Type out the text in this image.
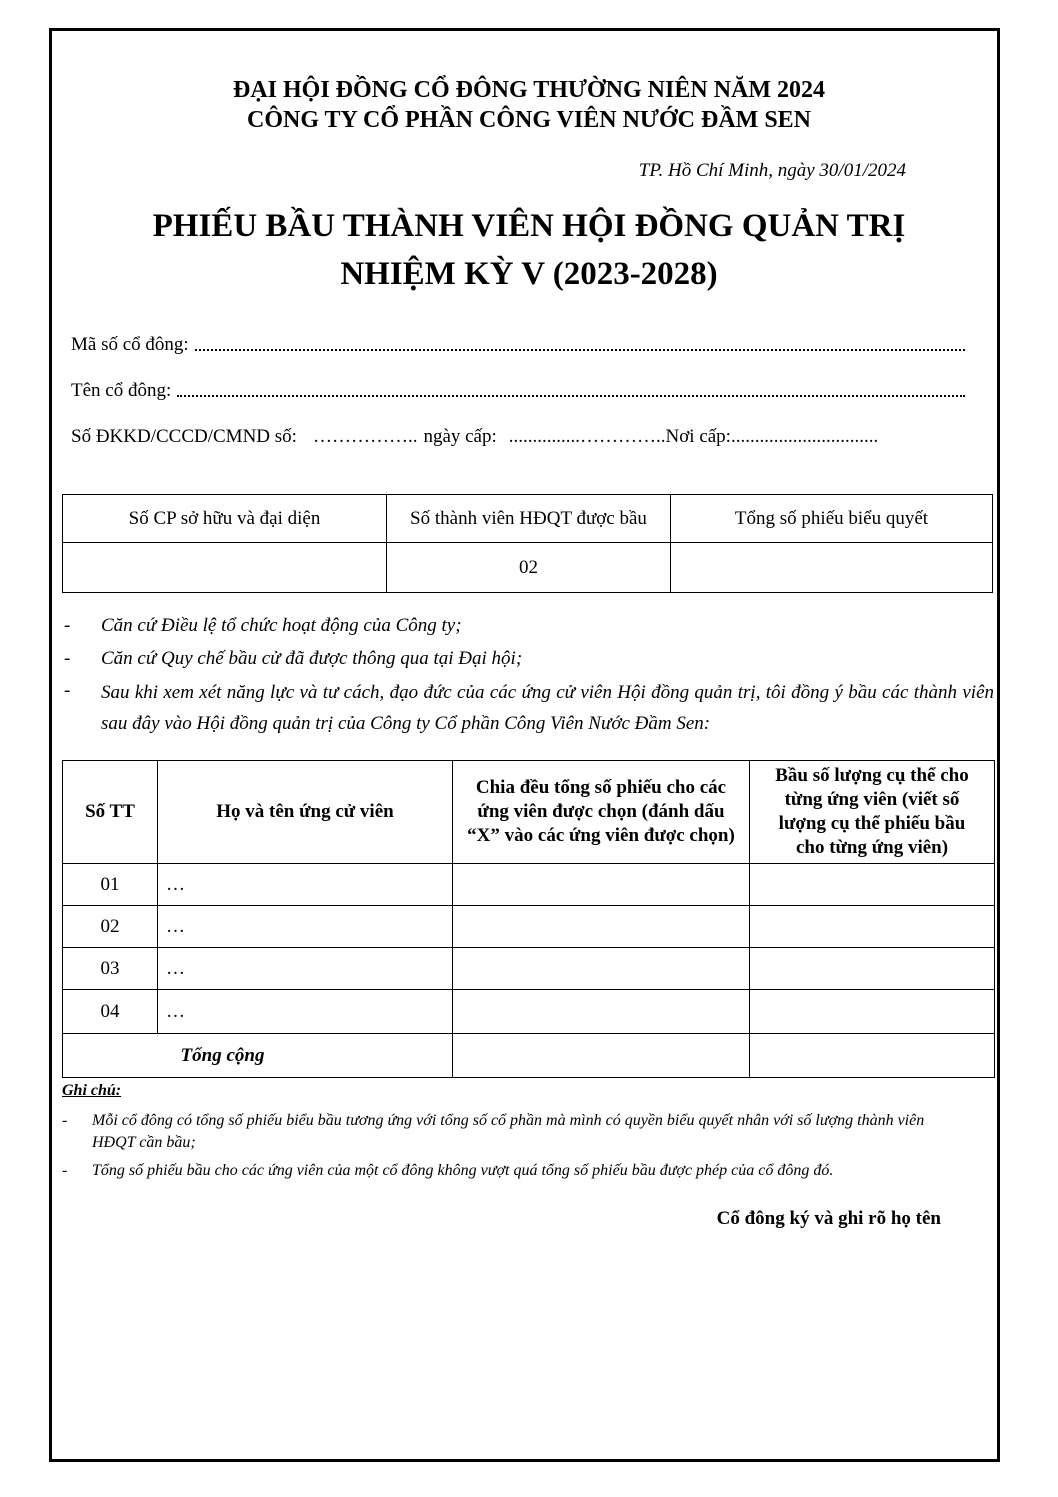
ĐẠI HỘI ĐỒNG CỔ ĐÔNG THƯỜNG NIÊN NĂM 2024
CÔNG TY CỔ PHẦN CÔNG VIÊN NƯỚC ĐẦM SEN
TP. Hồ Chí Minh, ngày 30/01/2024
PHIẾU BẦU THÀNH VIÊN HỘI ĐỒNG QUẢN TRỊ
NHIỆM KỲ V (2023-2028)
Mã số cổ đông:
Tên cổ đông:
Số ĐKKD/CCCD/CMND số: …………….. ngày cấp: ...............………….. Nơi cấp: ...............................
Số CP sở hữu và đại diện	Số thành viên HĐQT được bầu	Tổng số phiếu biểu quyết
	02	
- Căn cứ Điều lệ tổ chức hoạt động của Công ty;
- Căn cứ Quy chế bầu cử đã được thông qua tại Đại hội;
- Sau khi xem xét năng lực và tư cách, đạo đức của các ứng cử viên Hội đồng quản trị, tôi đồng ý bầu các thành viên sau đây vào Hội đồng quản trị của Công ty Cổ phần Công Viên Nước Đầm Sen:
Số TT	Họ và tên ứng cử viên	Chia đều tổng số phiếu cho các ứng viên được chọn (đánh dấu “X” vào các ứng viên được chọn)	Bầu số lượng cụ thể cho từng ứng viên (viết số lượng cụ thể phiếu bầu cho từng ứng viên)
01	…		
02	…		
03	…		
04	…		
Tổng cộng			
Ghi chú:
- Mỗi cổ đông có tổng số phiếu biểu bầu tương ứng với tổng số cổ phần mà mình có quyền biểu quyết nhân với số lượng thành viên HĐQT cần bầu;
- Tổng số phiếu bầu cho các ứng viên của một cổ đông không vượt quá tổng số phiếu bầu được phép của cổ đông đó.
Cổ đông ký và ghi rõ họ tên
